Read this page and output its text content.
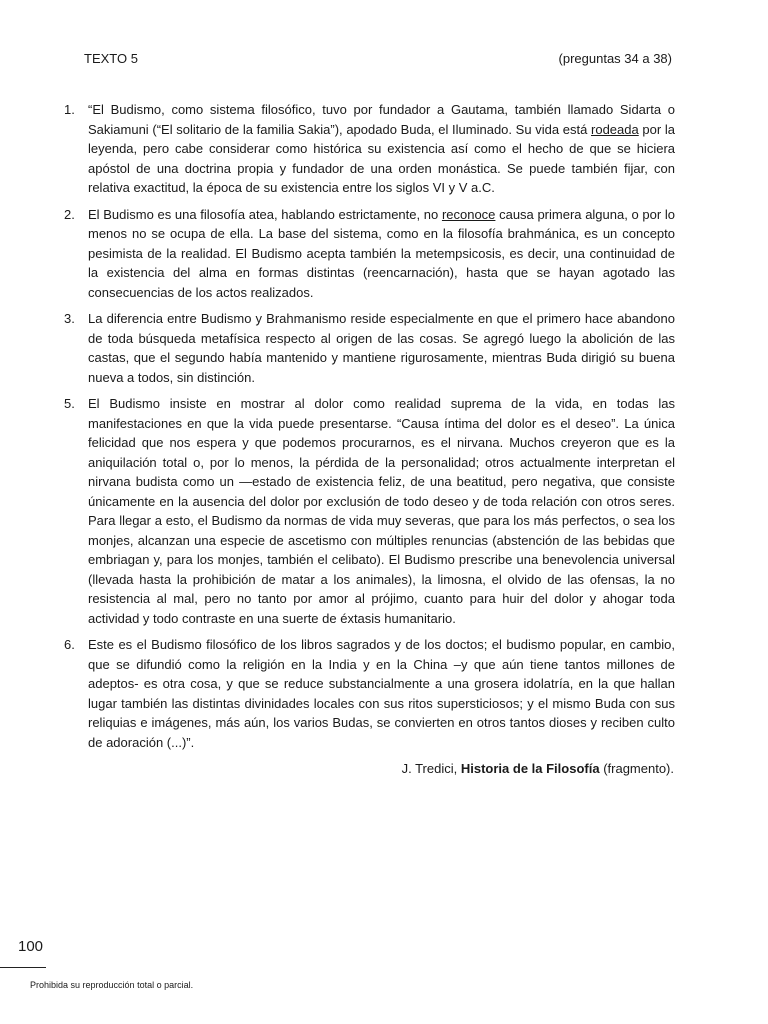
TEXTO 5	(preguntas 34 a 38)
1.	“El Budismo, como sistema filosófico, tuvo por fundador a Gautama, también llamado Sidarta o Sakiamuni (“El solitario de la familia Sakia”), apodado Buda, el Iluminado. Su vida está rodeada por la leyenda, pero cabe considerar como histórica su existencia así como el hecho de que se hiciera apóstol de una doctrina propia y fundador de una orden monástica. Se puede también fijar, con relativa exactitud, la época de su existencia entre los siglos VI y V a.C.
2.	El Budismo es una filosofía atea, hablando estrictamente, no reconoce causa primera alguna, o por lo menos no se ocupa de ella. La base del sistema, como en la filosofía brahmánica, es un concepto pesimista de la realidad. El Budismo acepta también la metempsicosis, es decir, una continuidad de la existencia del alma en formas distintas (reencarnación), hasta que se hayan agotado las consecuencias de los actos realizados.
3.	La diferencia entre Budismo y Brahmanismo reside especialmente en que el primero hace abandono de toda búsqueda metafísica respecto al origen de las cosas. Se agregó luego la abolición de las castas, que el segundo había mantenido y mantiene rigurosamente, mientras Buda dirigió su buena nueva a todos, sin distinción.
5.	El Budismo insiste en mostrar al dolor como realidad suprema de la vida, en todas las manifestaciones en que la vida puede presentarse. “Causa íntima del dolor es el deseo”. La única felicidad que nos espera y que podemos procurarnos, es el nirvana. Muchos creyeron que es la aniquilación total o, por lo menos, la pérdida de la personalidad; otros actualmente interpretan el nirvana budista como un —estado de existencia feliz, de una beatitud, pero negativa, que consiste únicamente en la ausencia del dolor por exclusión de todo deseo y de toda relación con otros seres. Para llegar a esto, el Budismo da normas de vida muy severas, que para los más perfectos, o sea los monjes, alcanzan una especie de ascetismo con múltiples renuncias (abstención de las bebidas que embriagan y, para los monjes, también el celibato). El Budismo prescribe una benevolencia universal (llevada hasta la prohibición de matar a los animales), la limosna, el olvido de las ofensas, la no resistencia al mal, pero no tanto por amor al prójimo, cuanto para huir del dolor y ahogar toda actividad y todo contraste en una suerte de éxtasis humanitario.
6.	Este es el Budismo filosófico de los libros sagrados y de los doctos; el budismo popular, en cambio, que se difundió como la religión en la India y en la China –y que aún tiene tantos millones de adeptos- es otra cosa, y que se reduce substancialmente a una grosera idolatría, en la que hallan lugar también las distintas divinidades locales con sus ritos supersticiosos; y el mismo Buda con sus reliquias e imágenes, más aún, los varios Budas, se convierten en otros tantos dioses y reciben culto de adoración (...)”.
J. Tredici, Historia de la Filosofía (fragmento).
100
Prohibida su reproducción total o parcial.
